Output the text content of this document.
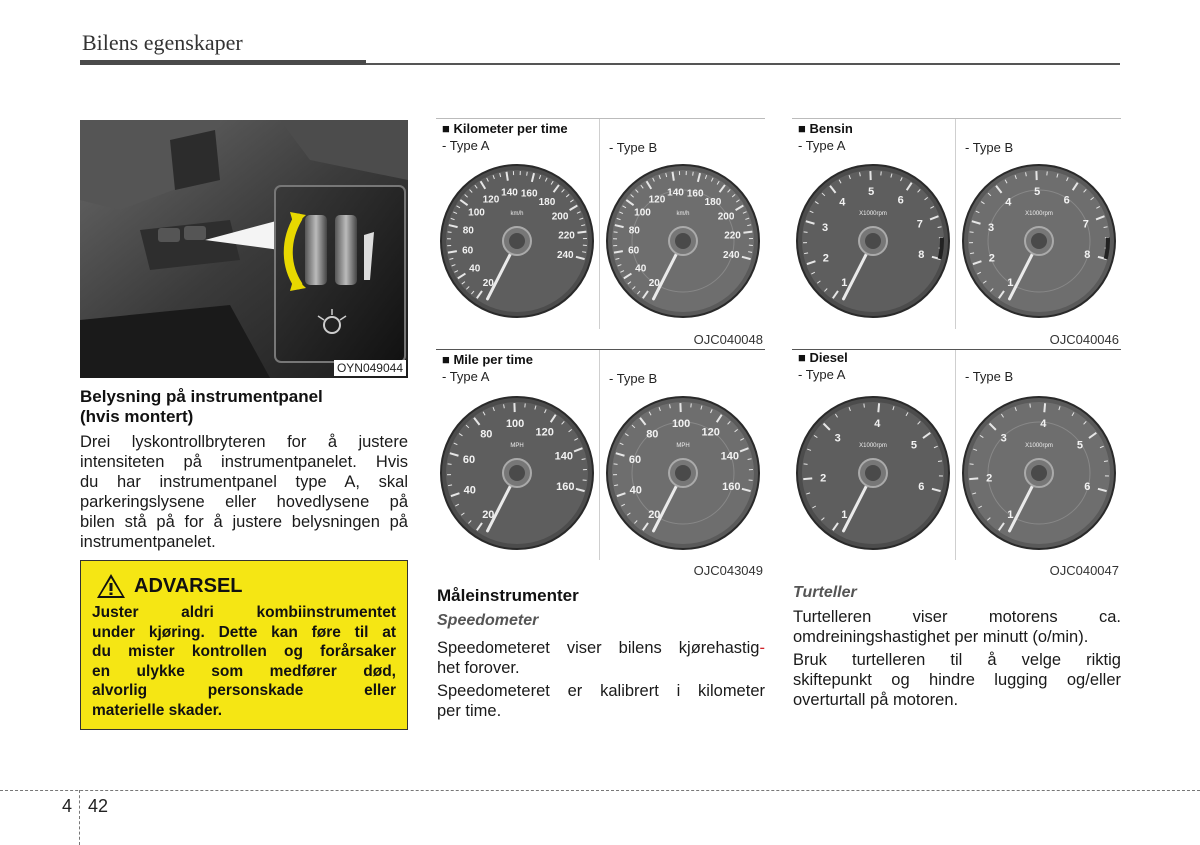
Bilens egenskaper
OYN049044
Belysning på instrumentpanel
(hvis montert)
Drei lyskontrollbryteren for å justere
intensiteten på instrumentpanelet. Hvis
du har instrumentpanel type A, skal
parkeringslysene eller hovedlysene på
bilen stå på for å justere belysningen på
instrumentpanelet.
ADVARSEL
Juster aldri kombiinstrumentet
under kjøring. Dette kan føre til at
du mister kontrollen og forårsaker
en ulykke som medfører død,
alvorlig personskade eller
materielle skader.
■ Kilometer per time
- Type A	- Type B
20
40
60
80
100
120
140 160
180
200
220
240
km/h
20
40
60
80
100
120
140 160
180
200
220
240
km/h
OJC040048
■ Mile per time
- Type A	- Type B
20
40
60
80
100
120
140
160
MPH
20
40
60
80
100
120
140
160
MPH
OJC043049
■ Bensin
- Type A	- Type B
1
2
3
4
5
6
7
8
X1000rpm
1
2
3
4
5
6
7
8
X1000rpm
OJC040046
■ Diesel
- Type A	- Type B
1
2
3
4
5
6
X1000rpm
1
2
3
4
5
6
X1000rpm
OJC040047
Måleinstrumenter
Speedometer
Speedometeret viser bilens kjørehastig-
het forover.
Speedometeret er kalibrert i kilometer
per time.
Turteller
Turtelleren viser motorens ca.
omdreiningshastighet per minutt (o/min).
Bruk turtelleren til å velge riktig
skiftepunkt og hindre lugging og/eller
overturtall på motoren.
4 42
